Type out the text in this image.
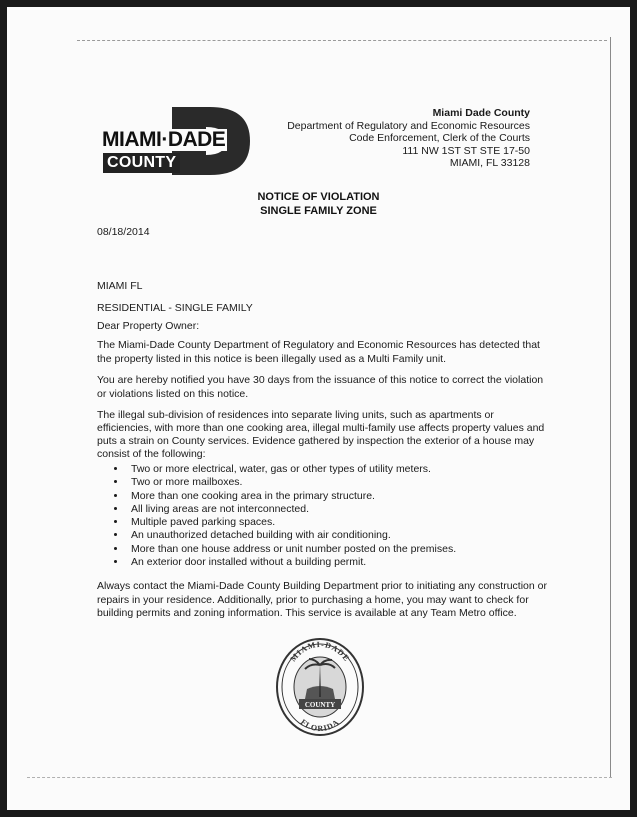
MIAMI·DADE
COUNTY
Miami Dade County
Department of Regulatory and Economic Resources
Code Enforcement, Clerk of the Courts
111 NW 1ST ST STE 17-50
MIAMI, FL 33128
NOTICE OF VIOLATION
SINGLE FAMILY ZONE
08/18/2014
MIAMI FL
RESIDENTIAL - SINGLE FAMILY
Dear Property Owner:
The Miami-Dade County Department of Regulatory and Economic Resources has detected that the property listed in this notice is been illegally used as a Multi Family unit.
You are hereby notified you have 30 days from the issuance of this notice to correct the violation or violations listed on this notice.
The illegal sub-division of residences into separate living units, such as apartments or efficiencies, with more than one cooking area, illegal multi-family use affects property values and puts a strain on County services. Evidence gathered by inspection the exterior of a house may consist of the following:
• Two or more electrical, water, gas or other types of utility meters.
• Two or more mailboxes.
• More than one cooking area in the primary structure.
• All living areas are not interconnected.
• Multiple paved parking spaces.
• An unauthorized detached building with air conditioning.
• More than one house address or unit number posted on the premises.
• An exterior door installed without a building permit.
Always contact the Miami-Dade County Building Department prior to initiating any construction or repairs in your residence. Additionally, prior to purchasing a home, you may want to check for building permits and zoning information. This service is available at any Team Metro office.
COUNTY
MIAMI-DADE
FLORIDA
